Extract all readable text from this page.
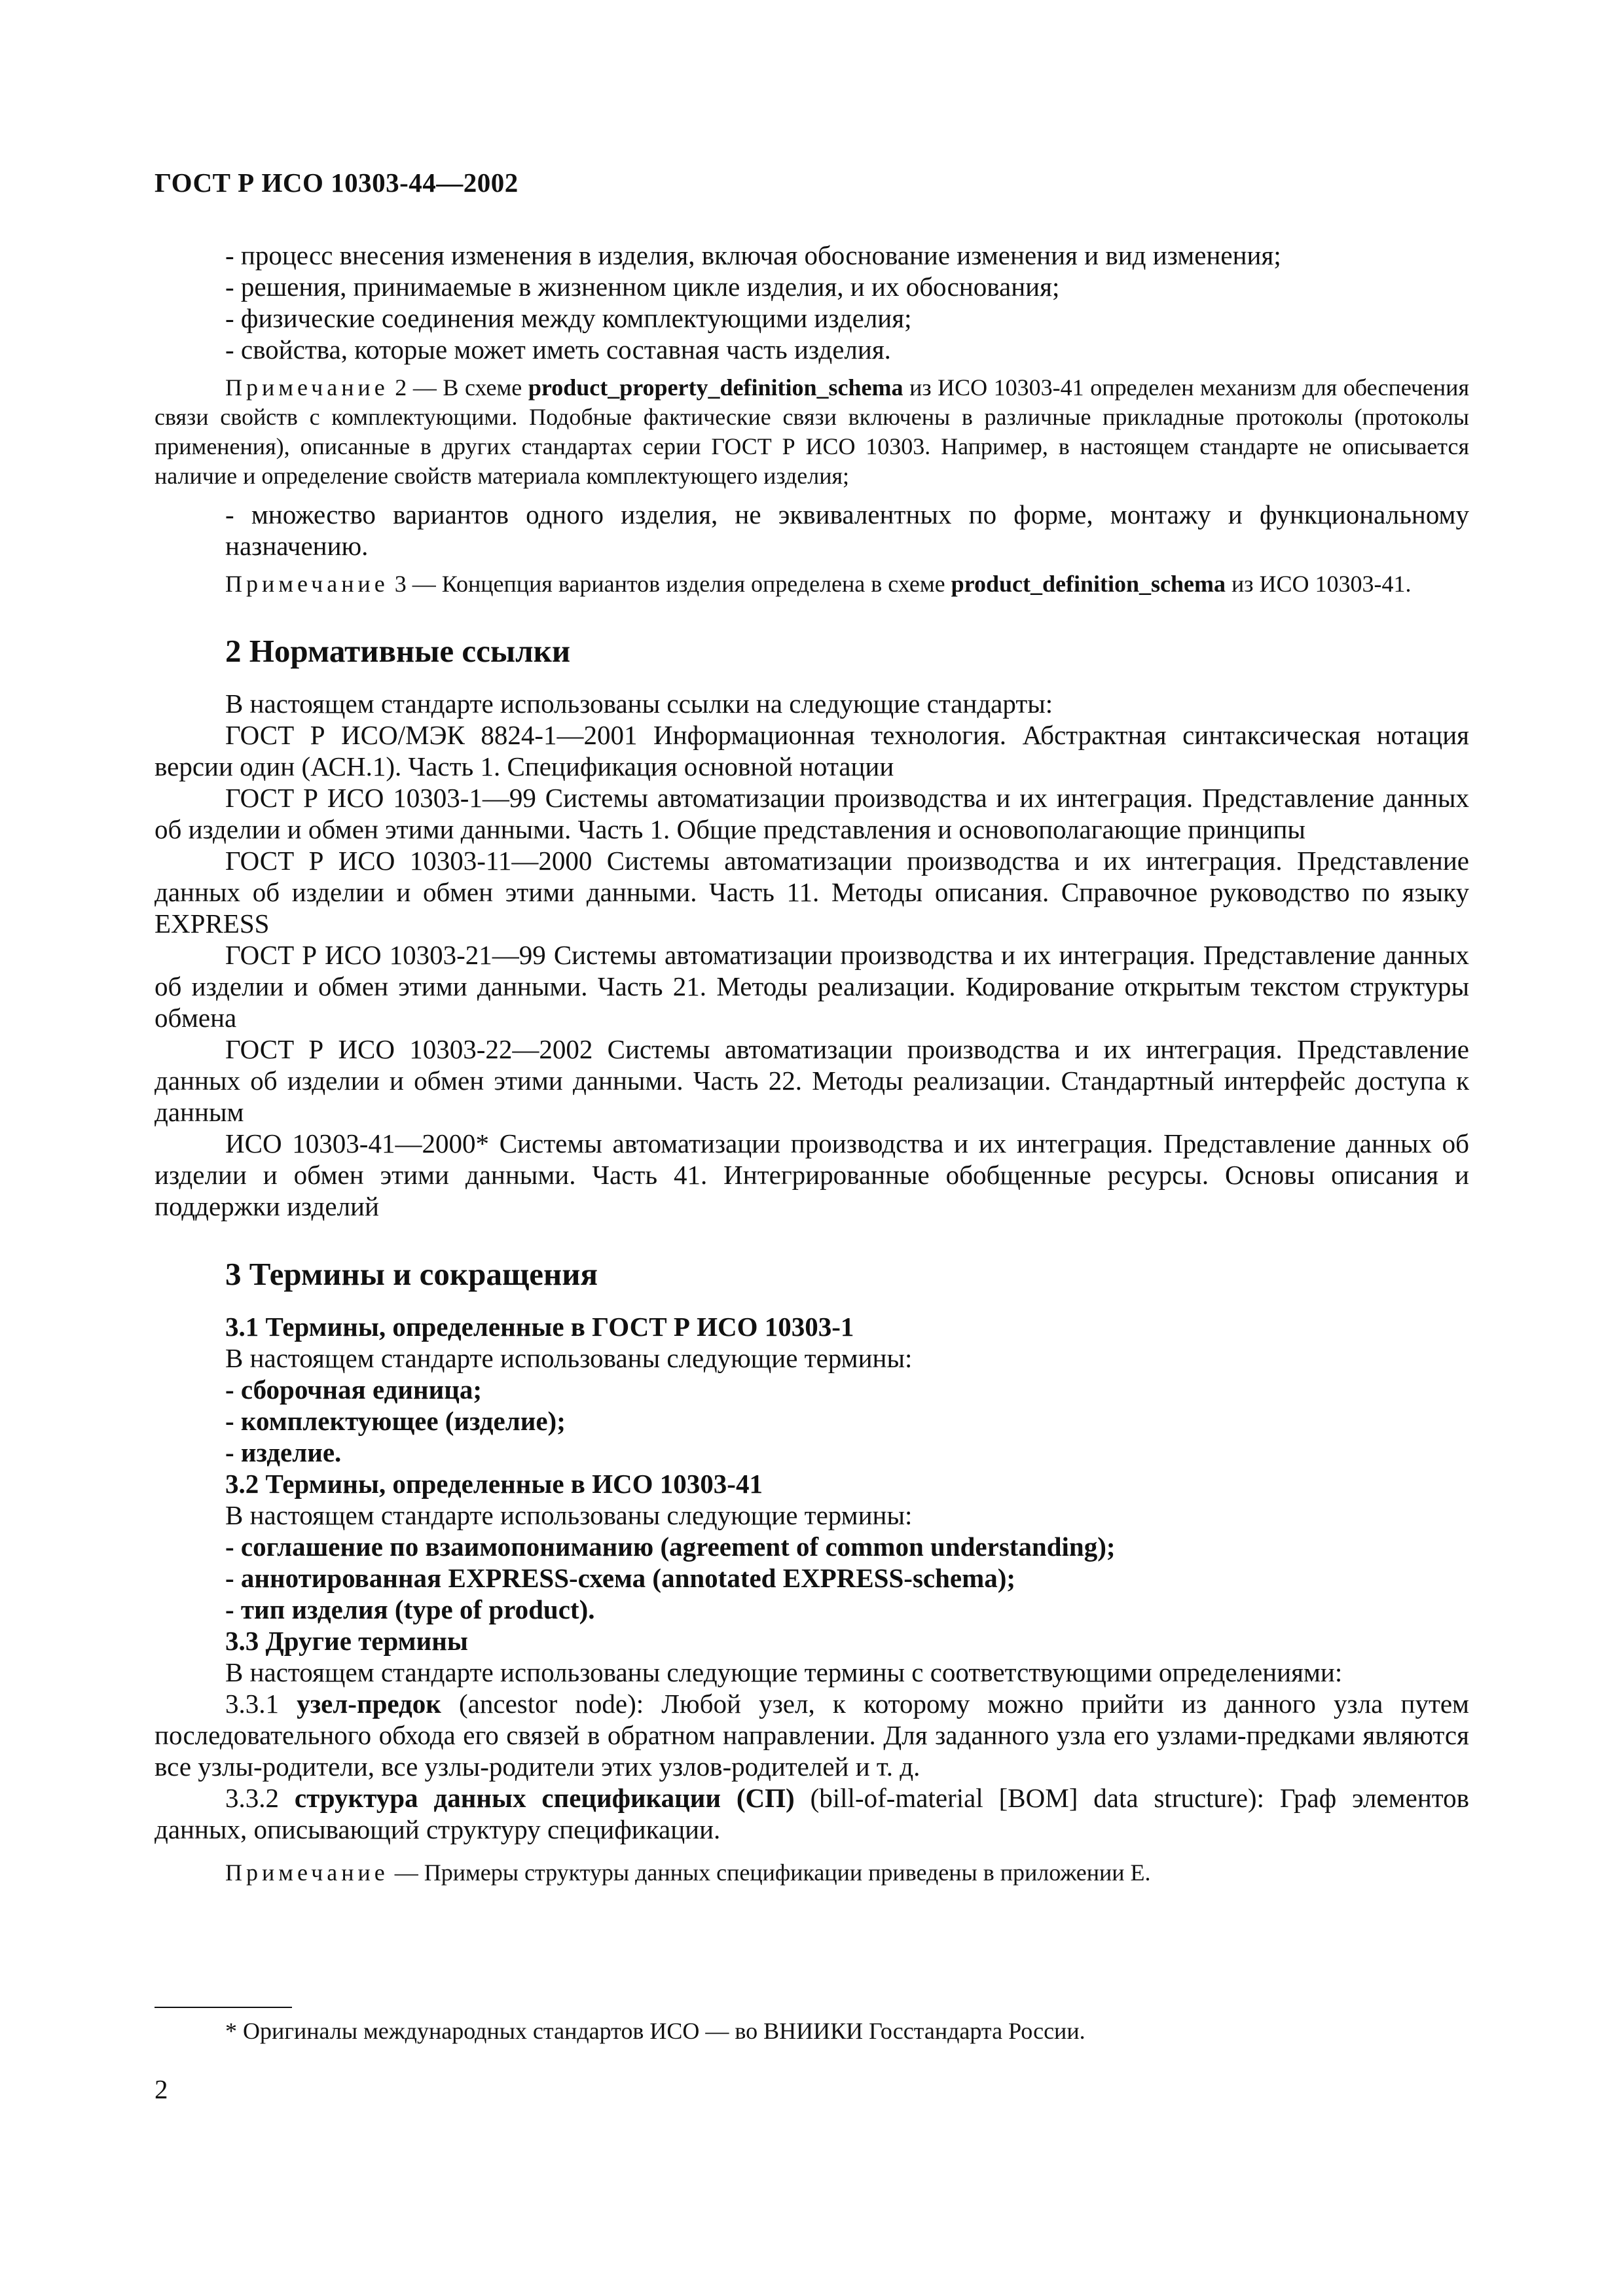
ГОСТ Р ИСО 10303-44—2002

- процесс внесения изменения в изделия, включая обоснование изменения и вид изменения;

- решения, принимаемые в жизненном цикле изделия, и их обоснования;

- физические соединения между комплектующими изделия;

- свойства, которые может иметь составная часть изделия.

Примечание 2 — В схеме product_property_definition_schema из ИСО 10303-41 определен механизм для обеспечения связи свойств с комплектующими. Подобные фактические связи включены в различные прикладные протоколы (протоколы применения), описанные в других стандартах серии ГОСТ Р ИСО 10303. Например, в настоящем стандарте не описывается наличие и определение свойств материала комплектующего изделия;

- множество вариантов одного изделия, не эквивалентных по форме, монтажу и функциональному назначению.

Примечание 3 — Концепция вариантов изделия определена в схеме product_definition_schema из ИСО 10303-41.

2 Нормативные ссылки

В настоящем стандарте использованы ссылки на следующие стандарты:

ГОСТ Р ИСО/МЭК 8824-1—2001 Информационная технология. Абстрактная синтаксическая нотация версии один (АСН.1). Часть 1. Спецификация основной нотации

ГОСТ Р ИСО 10303-1—99 Системы автоматизации производства и их интеграция. Представление данных об изделии и обмен этими данными. Часть 1. Общие представления и основополагающие принципы

ГОСТ Р ИСО 10303-11—2000 Системы автоматизации производства и их интеграция. Представление данных об изделии и обмен этими данными. Часть 11. Методы описания. Справочное руководство по языку EXPRESS

ГОСТ Р ИСО 10303-21—99 Системы автоматизации производства и их интеграция. Представление данных об изделии и обмен этими данными. Часть 21. Методы реализации. Кодирование открытым текстом структуры обмена

ГОСТ Р ИСО 10303-22—2002 Системы автоматизации производства и их интеграция. Представление данных об изделии и обмен этими данными. Часть 22. Методы реализации. Стандартный интерфейс доступа к данным

ИСО 10303-41—2000* Системы автоматизации производства и их интеграция. Представление данных об изделии и обмен этими данными. Часть 41. Интегрированные обобщенные ресурсы. Основы описания и поддержки изделий

3 Термины и сокращения

3.1 Термины, определенные в ГОСТ Р ИСО 10303-1

В настоящем стандарте использованы следующие термины:

- сборочная единица;

- комплектующее (изделие);

- изделие.

3.2 Термины, определенные в ИСО 10303-41

В настоящем стандарте использованы следующие термины:

- соглашение по взаимопониманию (agreement of common understanding);

- аннотированная EXPRESS-схема (annotated EXPRESS-schema);

- тип изделия (type of product).

3.3 Другие термины

В настоящем стандарте использованы следующие термины с соответствующими определениями:

3.3.1 узел-предок (ancestor node): Любой узел, к которому можно прийти из данного узла путем последовательного обхода его связей в обратном направлении. Для заданного узла его узлами-предками являются все узлы-родители, все узлы-родители этих узлов-родителей и т. д.

3.3.2 структура данных спецификации (СП) (bill-of-material [BOM] data structure): Граф элементов данных, описывающий структуру спецификации.

Примечание — Примеры структуры данных спецификации приведены в приложении Е.

* Оригиналы международных стандартов ИСО — во ВНИИКИ Госстандарта России.
2
